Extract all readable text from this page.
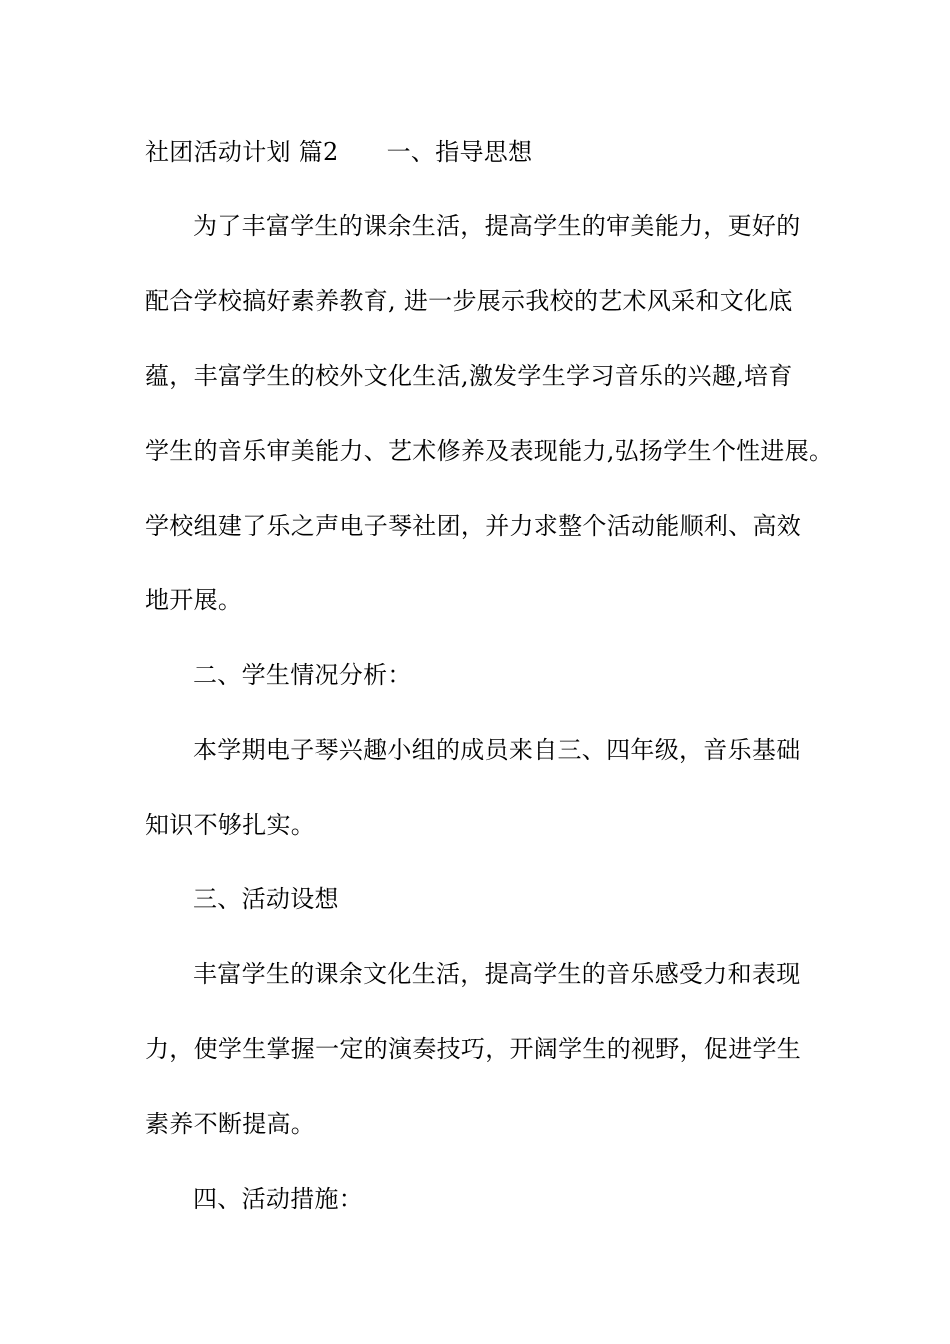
社团活动计划 篇2 一、指导思想
为了丰富学生的课余生活，提高学生的审美能力，更好的
配合学校搞好素养教育, 进一步展示我校的艺术风采和文化底
蕴，丰富学生的校外文化生活,激发学生学习音乐的兴趣,培育
学生的音乐审美能力、艺术修养及表现能力,弘扬学生个性进展。
学校组建了乐之声电子琴社团，并力求整个活动能顺利、高效
地开展。
二、学生情况分析：
本学期电子琴兴趣小组的成员来自三、四年级，音乐基础
知识不够扎实。
三、活动设想
丰富学生的课余文化生活，提高学生的音乐感受力和表现
力，使学生掌握一定的演奏技巧，开阔学生的视野，促进学生
素养不断提高。
四、活动措施：
